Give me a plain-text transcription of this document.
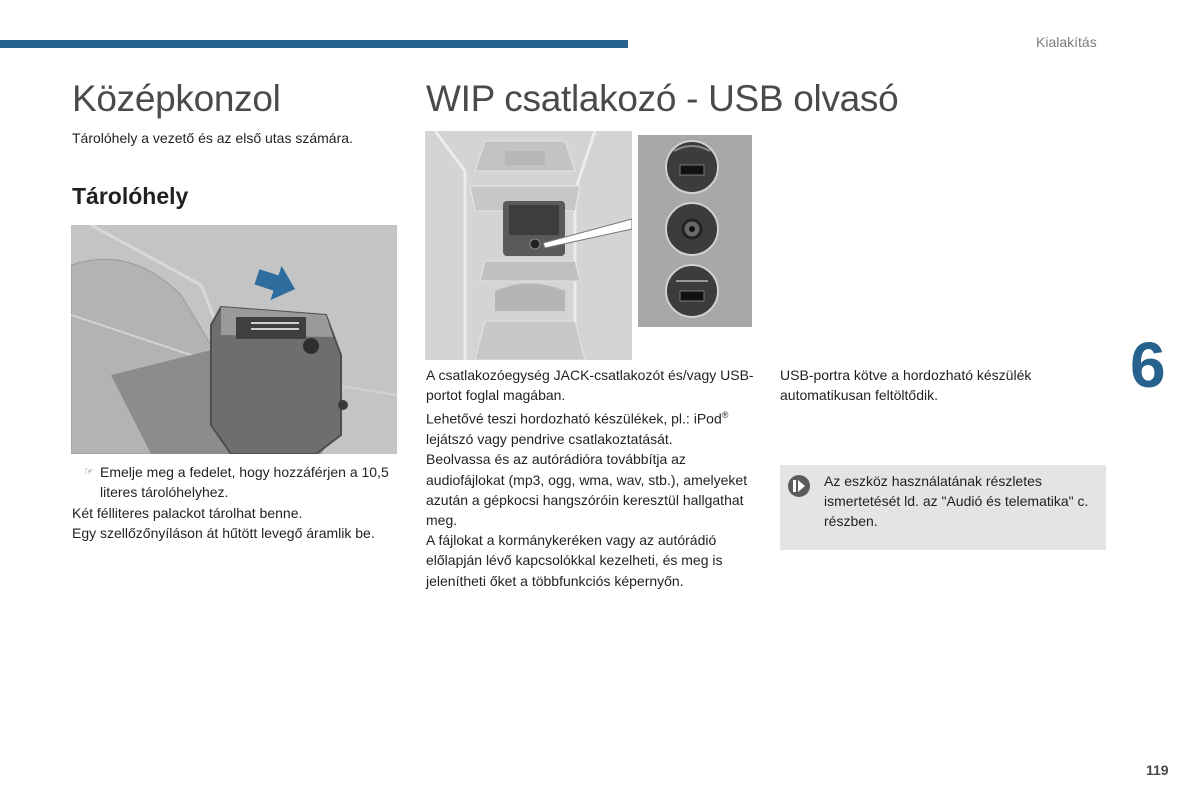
Kialakítás
Középkonzol	WIP csatlakozó - USB olvasó

Tárolóhely a vezető és az első utas számára.

Tárolóhely
☞ Emelje meg a fedelet, hogy hozzáférjen a 10,5 literes tárolóhelyhez.

Két félliteres palackot tárolhat benne.

Egy szellőzőnyíláson át hűtött levegő áramlik be.

A csatlakozóegység JACK-csatlakozót és/vagy USB-portot foglal magában.

Lehetővé teszi hordozható készülékek, pl.: iPod® lejátszó vagy pendrive csatlakoztatását.

Beolvassa és az autórádióra továbbítja az audiofájlokat (mp3, ogg, wma, wav, stb.), amelyeket azután a gépkocsi hangszóróin keresztül hallgathat meg.

A fájlokat a kormánykeréken vagy az autórádió előlapján lévő kapcsolókkal kezelheti, és meg is jelenítheti őket a többfunkciós képernyőn.

USB-portra kötve a hordozható készülék automatikusan feltöltődik.

Az eszköz használatának részletes ismertetését ld. az "Audió és telematika" c. részben.

6
119
